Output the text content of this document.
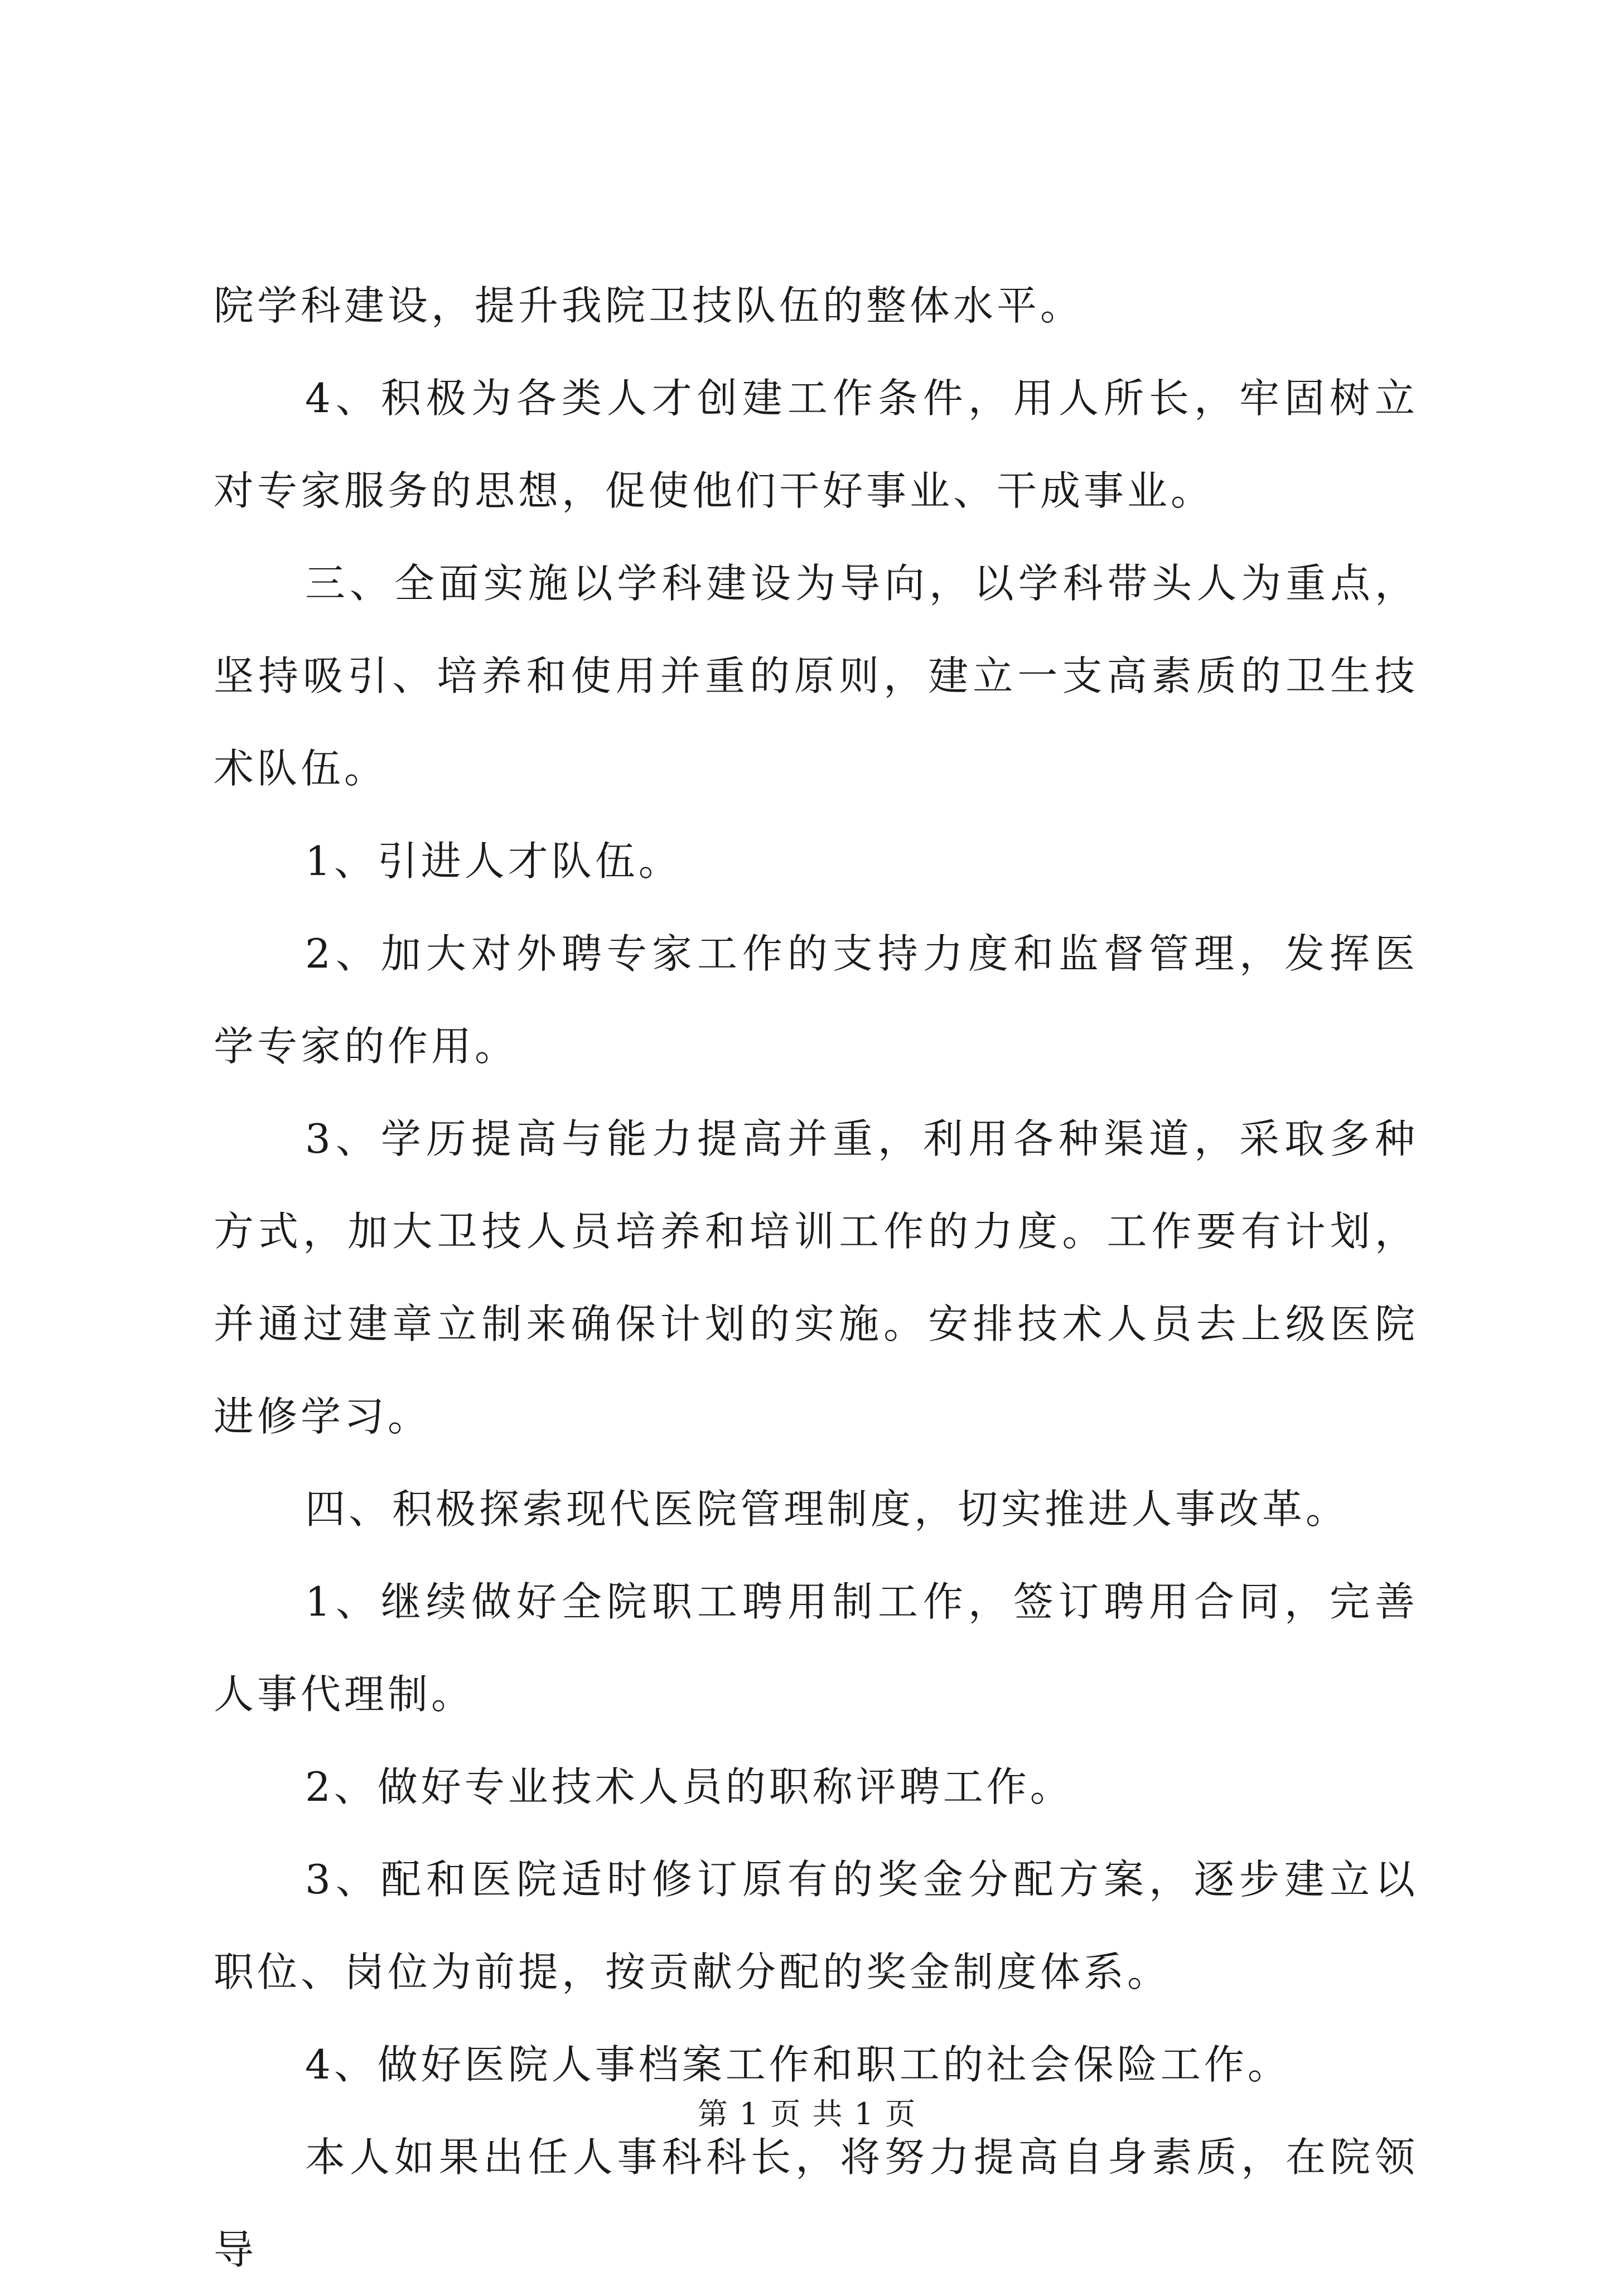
院学科建设，提升我院卫技队伍的整体水平。

4、积极为各类人才创建工作条件，用人所长，牢固树立对专家服务的思想，促使他们干好事业、干成事业。

三、全面实施以学科建设为导向，以学科带头人为重点，坚持吸引、培养和使用并重的原则，建立一支高素质的卫生技术队伍。

1、引进人才队伍。

2、加大对外聘专家工作的支持力度和监督管理，发挥医学专家的作用。

3、学历提高与能力提高并重，利用各种渠道，采取多种方式，加大卫技人员培养和培训工作的力度。工作要有计划，并通过建章立制来确保计划的实施。安排技术人员去上级医院进修学习。

四、积极探索现代医院管理制度，切实推进人事改革。

1、继续做好全院职工聘用制工作，签订聘用合同，完善人事代理制。

2、做好专业技术人员的职称评聘工作。

3、配和医院适时修订原有的奖金分配方案，逐步建立以职位、岗位为前提，按贡献分配的奖金制度体系。

4、做好医院人事档案工作和职工的社会保险工作。

本人如果出任人事科科长，将努力提高自身素质，在院领导

第 1 页 共 1 页
